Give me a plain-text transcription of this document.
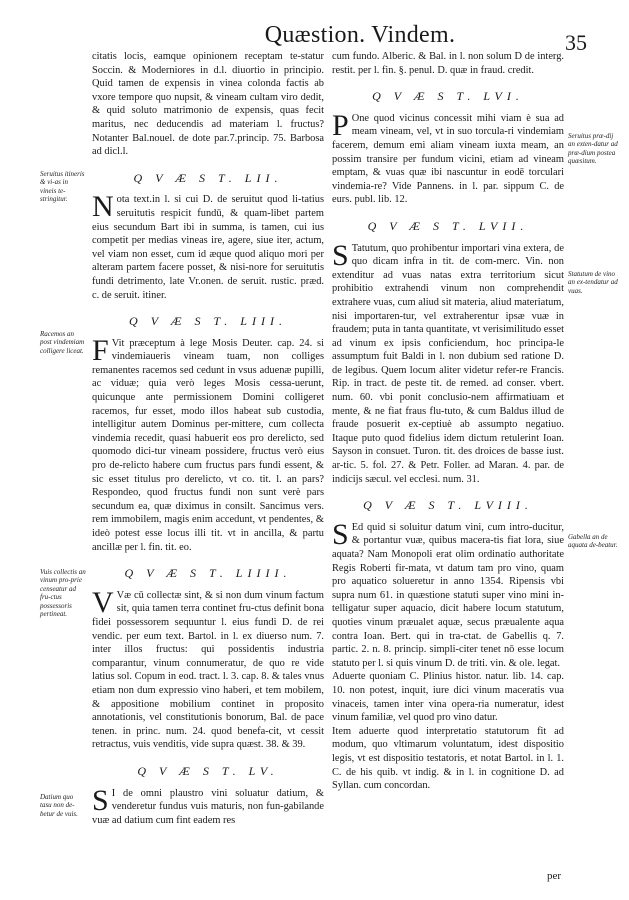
Quæstion. Vindem.	35

citatis locis, eamque opinionem receptam te-statur Soccin. & Moderniores in d.l. diuortio in principio. Quid tamen de expensis in vinea colonda factis ab vxore tempore quo nupsit, & vineam cultam viro dedit, & quid soluto matrimonio de expensis, quas fecit maritus, nec deducendis ad materiam l. fructus? Notanter Bal.nouel. de dote par.7.princip. 75. Barbosa ad dicl.l.

Q V Æ S T. LII.

Nota text.in l. si cui D. de seruitut quod li-tatius seruitutis respicit fundū, & quam-libet partem eius secundum Bart ibi in summa, is tamen, cui ius competit per medias vineas ire, agere, siue iter, actum, vel viam non esset, cum id æque quod aliquo mori per alteram partem facere posset, & nisi-nore for seruitutis fundi detrimento, late Vr.onen. de seruit. rustic. præd. c. de seruit. itiner.

Q V Æ S T. LIII.

F Vit præceptum à lege Mosis Deuter. cap. 24. si vindemiaueris vineam tuam, non colliges remanentes racemos sed cedunt in vsus aduenæ pupilli, ac viduæ; quia verò leges Mosis cessa-uerunt, quicunque ante permissionem Domini colligeret racemos, fur esset, modo illos habeat sub custodia, intelligitur autem Dominus per-mittere, cum collecta vindemia recedit, quasi habuerit eos pro derelicto, sed quomodo dici-tur vineam possidere, fructus verò eius pro de-relicto habere cum fructus pars fundi essent, & sic esset titulus pro derelicto, vt co. tit. l. an pars? Respondeo, quod fructus fundi non sunt verè pars secundum ea, quæ diximus in consilt. Sancimus vers. rem immobilem, magis enim accedunt, vt pendentes, & ideò potest esse locus illi tit. vt in ancilla, & partu ancillæ per l. fin. tit. eo.

Q V Æ S T. LIIII.

V Væ cū collectæ sint, & si non dum vinum factum sit, quia tamen terra continet fru-ctus definit bona fidei possessorem sequuntur l. eius fundi D. de rei vendic. per eum text. Bartol. in l. ex diuerso num. 7. inter illos fructus: qui possidentis industria comparantur, vinum connumeratur, de quo re vide latius sol. Copum in eod. tract. l. 3. cap. 8. & tales vnus etiam non dum expressio vino haberi, et tem mobilem, & appositione mobilium continet in proposito annotationis, vel constitutionis bonorum, Bal. de pace tenen. in princ. num. 24. quod benefa-cit, vt cessit retractus, vuis venditis, vide supra quæst. 38. & 39.

Q V Æ S T. LV.

S I de omni plaustro vini soluatur datium, & venderetur fundus vuis maturis, non fun-gabilande vuæ ad datium cum fint eadem res

cum fundo. Alberic. & Bal. in l. non solum D de interg. restit. per l. fin. §. penul. D. quæ in fraud. credit.

Q V Æ S T. LVI.

P One quod vicinus concessit mihi viam è sua ad meam vineam, vel, vt in suo torcula-ri vindemiam facerem, demum emi aliam vineam iuxta meam, an possim transire per fundum vicini, etiam ad vineam emptam, & vuas quæ ibi nascuntur in eodē torculari vindemia-re? Vide Pannens. in l. par. sippum C. de eurs. publ. lib. 12.

Q V Æ S T. LVII.

S Tatutum, quo prohibentur importari vina extera, de quo dicam infra in tit. de com-merc. Vin. non extenditur ad vuas natas extra territorium sicut prohibitio extrahendi vinum non comprehendit extrahere vuas, cum aliud sit materia, aliud materiatum, nisi importaren-tur, vel extraherentur ipsæ vuæ in fraudem; puta in tanta quantitate, vt verisimilitudo esset ad vinum ex ipsis conficiendum, hoc principa-le assumptum fuit Baldi in l. non dubium sed ratione D. de legibus. Quem locum aliter videtur refer-re Francis. Rip. in tract. de peste tit. de remed. ad conser. vbert. num. 60. vbi ponit conclusio-nem affirmatiuam et mente, & ne fiat fraus flu-tuto, & cum Baldus illud de fraude posuerit ex-ceptiuè ab assumpto negatiuo. Itaque puto quod fidelius idem dictum retulerint Ioan. Sayson in consuet. Turon. tit. des droices de basse iust. ar-tic. 5. fol. 27. & Petr. Foller. ad Maran. 4. par. de indicijs sæcul. vel ecclesi. num. 31.

Q V Æ S T. LVIII.

S Ed quid si soluitur datum vini, cum intro-ducitur, & portantur vuæ, quibus macera-tis fiat lora, siue aquata? Nam Monopoli erat olim ordinatio authoritate Regis Roberti fir-mata, vt datum tam pro vino, quam pro aquatico solueretur in anno 1354. Ripensis vbi supra num 61. in quæstione statuti super vino mini in-telligatur super aquacio, dicit habere locum statutum, quoties vinum præualet aquæ, secus præualente aqua contra Ioan. Bert. qui in tra-ctat. de Gabellis q. 7. partic. 2. n. 8. princip. simpli-citer tenet nō esse locum statuto per l. si quis vinum D. de triti. vin. & ole. legat.

Aduerte quoniam C. Plinius histor. natur. lib. 14. cap. 10. non potest, inquit, iure dici vinum maceratis vua vinaceis, tamen inter vina opera-ria numeratur, idest vinum familiæ, vel quod pro vino datur.

Item aduerte quod interpretatio statutorum fit ad modum, quo vltimarum voluntatum, idest dispositio legis, vt est dispositio testatoris, et notat Bartol. in l. 1. C. de his quib. vt indig. & in l. in cognitione D. ad Syllan. cum concordan.

Seruitus itineris & vi-as in vineis te-stringitur.
Racemos an post vindemiam colligere liceat.
Vuis collectis an vinum pro-prie censeatur ad fru-ctus possessoris pertineat.
Datium quo tasu non de-betur de vuis.
Seruitus præ-dij an exten-datur ad præ-dium postea quæsitum.
Statutum de vino an ex-tendatur ad vuas.
Gabella an de aquata de-beatur.
per
